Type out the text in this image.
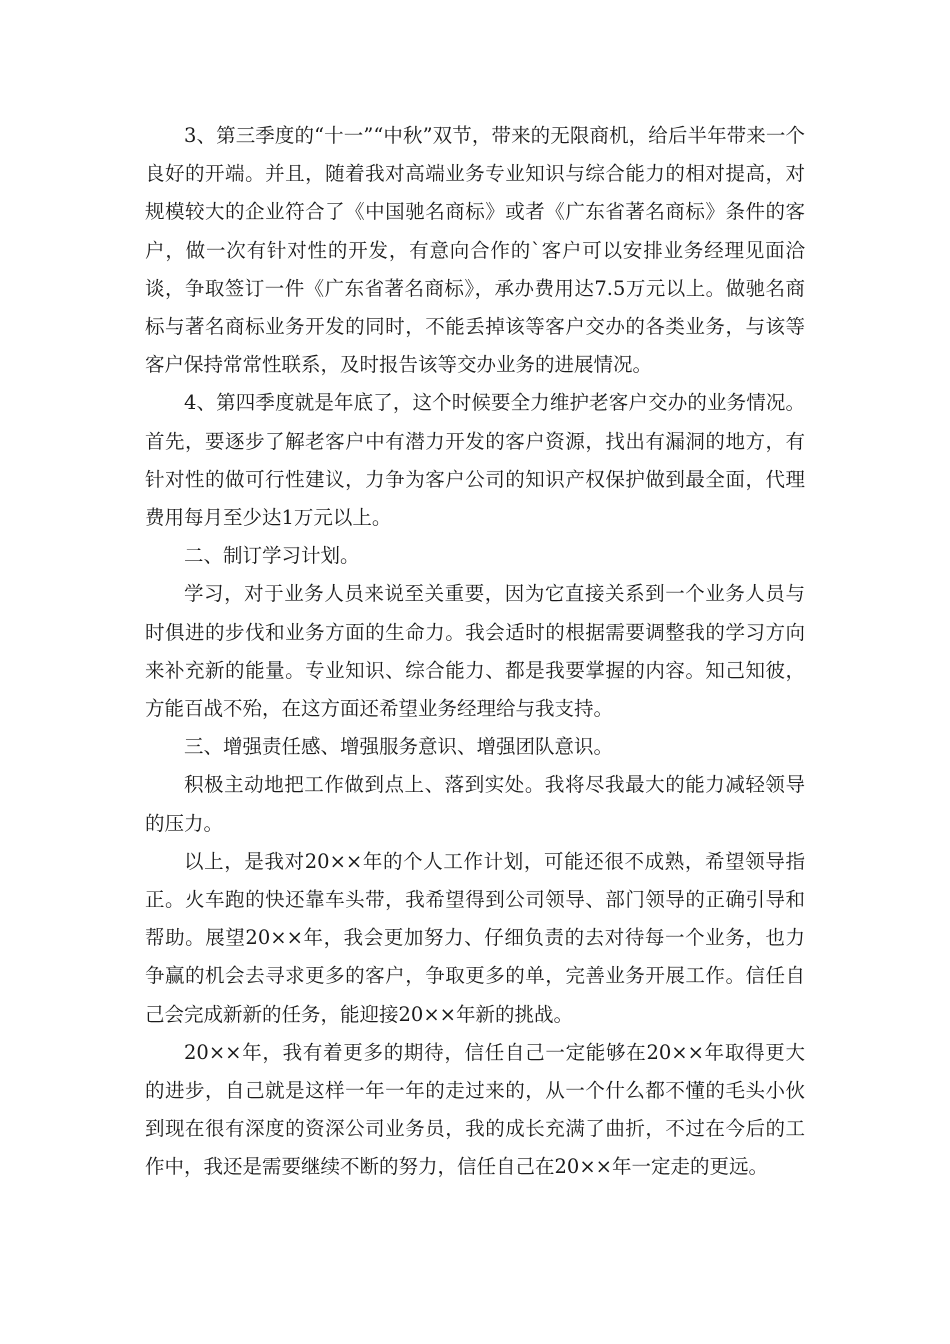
3、第三季度的“十一”“中秋”双节，带来的无限商机，给后半年带来一个良好的开端。并且，随着我对高端业务专业知识与综合能力的相对提高，对规模较大的企业符合了《中国驰名商标》或者《广东省著名商标》条件的客户，做一次有针对性的开发，有意向合作的`客户可以安排业务经理见面洽谈，争取签订一件《广东省著名商标》，承办费用达7.5万元以上。做驰名商标与著名商标业务开发的同时，不能丢掉该等客户交办的各类业务，与该等客户保持常常性联系，及时报告该等交办业务的进展情况。

4、第四季度就是年底了，这个时候要全力维护老客户交办的业务情况。首先，要逐步了解老客户中有潜力开发的客户资源，找出有漏洞的地方，有针对性的做可行性建议，力争为客户公司的知识产权保护做到最全面，代理费用每月至少达1万元以上。

二、制订学习计划。

学习，对于业务人员来说至关重要，因为它直接关系到一个业务人员与时俱进的步伐和业务方面的生命力。我会适时的根据需要调整我的学习方向来补充新的能量。专业知识、综合能力、都是我要掌握的内容。知己知彼，方能百战不殆，在这方面还希望业务经理给与我支持。

三、增强责任感、增强服务意识、增强团队意识。

积极主动地把工作做到点上、落到实处。我将尽我最大的能力减轻领导的压力。

以上，是我对20××年的个人工作计划，可能还很不成熟，希望领导指正。火车跑的快还靠车头带，我希望得到公司领导、部门领导的正确引导和帮助。展望20××年，我会更加努力、仔细负责的去对待每一个业务，也力争赢的机会去寻求更多的客户，争取更多的单，完善业务开展工作。信任自己会完成新新的任务，能迎接20××年新的挑战。

20××年，我有着更多的期待，信任自己一定能够在20××年取得更大的进步，自己就是这样一年一年的走过来的，从一个什么都不懂的毛头小伙到现在很有深度的资深公司业务员，我的成长充满了曲折，不过在今后的工作中，我还是需要继续不断的努力，信任自己在20××年一定走的更远。
